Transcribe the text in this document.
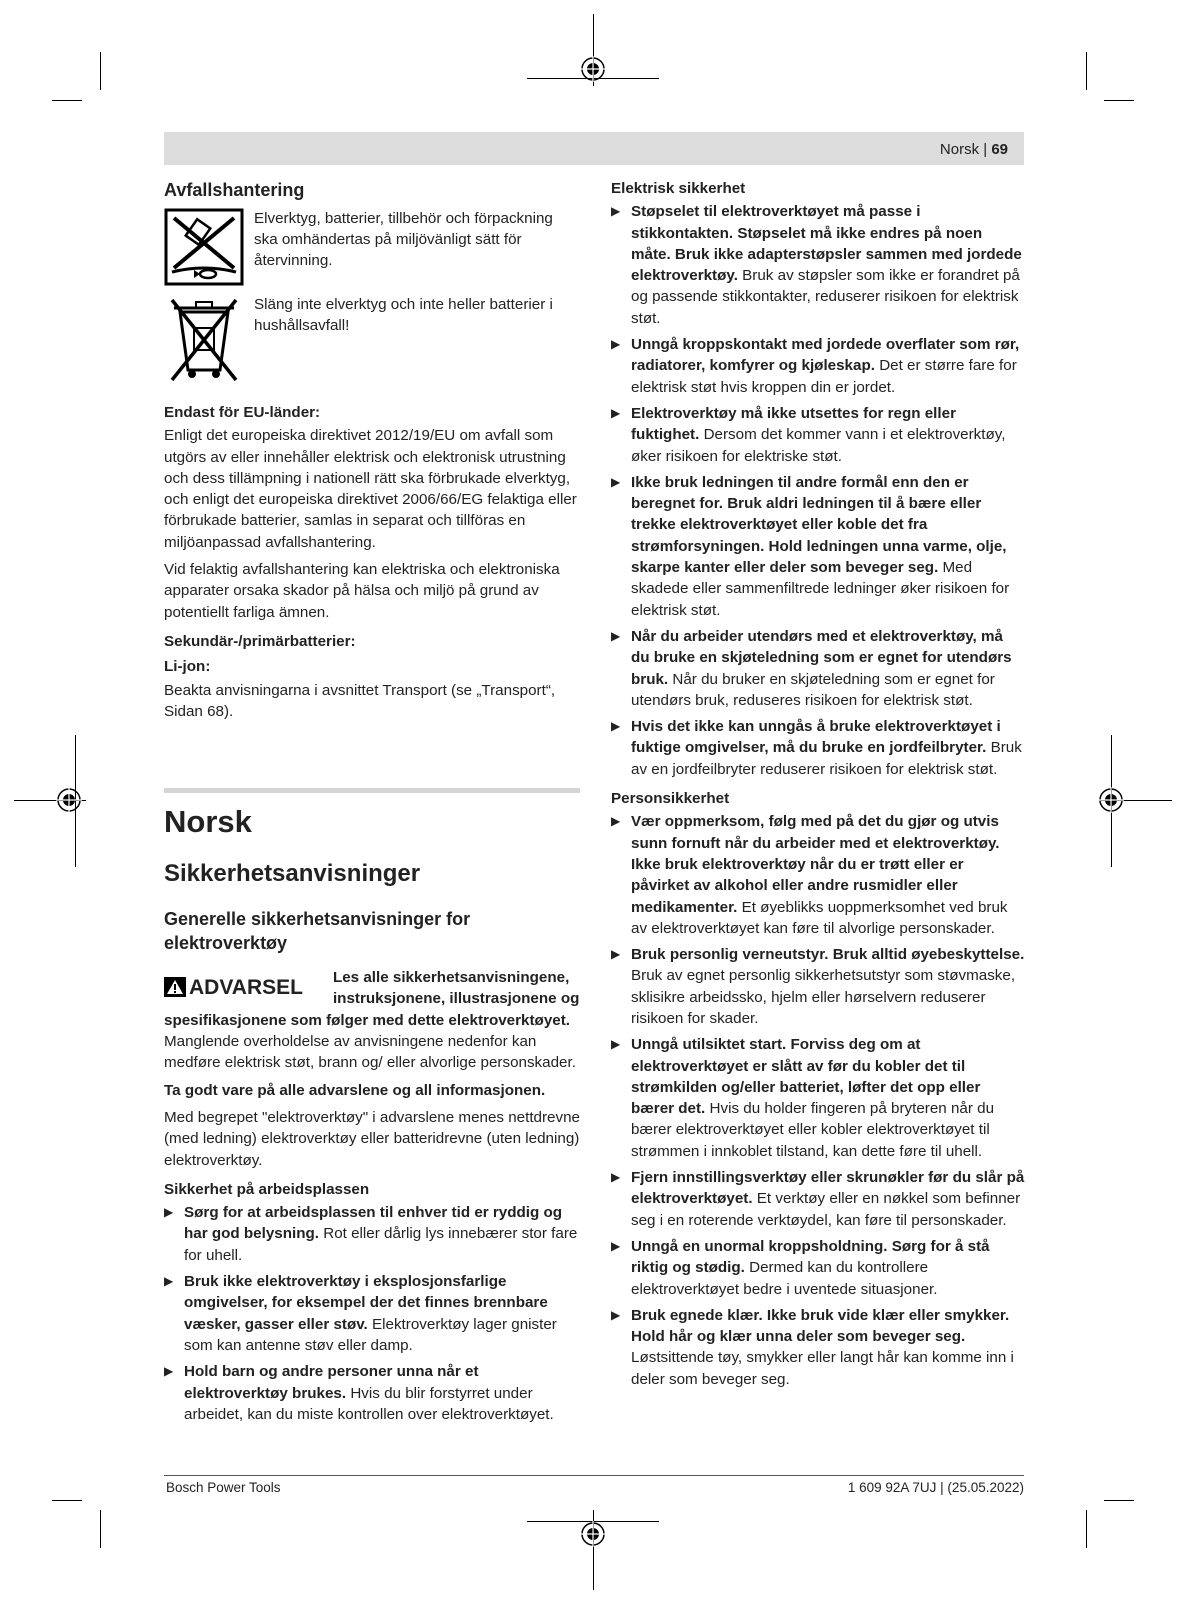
Norsk | 69
Avfallshantering
Elverktyg, batterier, tillbehör och förpackning ska omhändertas på miljövänligt sätt för återvinning.
Släng inte elverktyg och inte heller batterier i hushållsavfall!
Endast för EU-länder:

Enligt det europeiska direktivet 2012/19/EU om avfall som utgörs av eller innehåller elektrisk och elektronisk utrustning och dess tillämpning i nationell rätt ska förbrukade elverktyg, och enligt det europeiska direktivet 2006/66/EG felaktiga eller förbrukade batterier, samlas in separat och tillföras en miljöanpassad avfallshantering.

Vid felaktig avfallshantering kan elektriska och elektroniska apparater orsaka skador på hälsa och miljö på grund av potentiellt farliga ämnen.

Sekundär-/primärbatterier:
Li-jon:

Beakta anvisningarna i avsnittet Transport (se „Transport“, Sidan 68).

Norsk
Sikkerhetsanvisninger
Generelle sikkerhetsanvisninger for elektroverktøy
ADVARSEL Les alle sikkerhetsanvisningene, instruksjonene, illustrasjonene og

spesifikasjonene som følger med dette elektroverktøyet. Manglende overholdelse av anvisningene nedenfor kan medføre elektrisk støt, brann og/ eller alvorlige personskader.

Ta godt vare på alle advarslene og all informasjonen.

Med begrepet "elektroverktøy" i advarslene menes nettdrevne (med ledning) elektroverktøy eller batteridrevne (uten ledning) elektroverktøy.

Sikkerhet på arbeidsplassen
▶ Sørg for at arbeidsplassen til enhver tid er ryddig og har god belysning. Rot eller dårlig lys innebærer stor fare for uhell.
▶ Bruk ikke elektroverktøy i eksplosjonsfarlige omgivelser, for eksempel der det finnes brennbare væsker, gasser eller støv. Elektroverktøy lager gnister som kan antenne støv eller damp.
▶ Hold barn og andre personer unna når et elektroverktøy brukes. Hvis du blir forstyrret under arbeidet, kan du miste kontrollen over elektroverktøyet.
Elektrisk sikkerhet
▶ Støpselet til elektroverktøyet må passe i stikkontakten. Støpselet må ikke endres på noen måte. Bruk ikke adapterstøpsler sammen med jordede elektroverktøy. Bruk av støpsler som ikke er forandret på og passende stikkontakter, reduserer risikoen for elektrisk støt.
▶ Unngå kroppskontakt med jordede overflater som rør, radiatorer, komfyrer og kjøleskap. Det er større fare for elektrisk støt hvis kroppen din er jordet.
▶ Elektroverktøy må ikke utsettes for regn eller fuktighet. Dersom det kommer vann i et elektroverktøy, øker risikoen for elektriske støt.
▶ Ikke bruk ledningen til andre formål enn den er beregnet for. Bruk aldri ledningen til å bære eller trekke elektroverktøyet eller koble det fra strømforsyningen. Hold ledningen unna varme, olje, skarpe kanter eller deler som beveger seg. Med skadede eller sammenfiltrede ledninger øker risikoen for elektrisk støt.
▶ Når du arbeider utendørs med et elektroverktøy, må du bruke en skjøteledning som er egnet for utendørs bruk. Når du bruker en skjøteledning som er egnet for utendørs bruk, reduseres risikoen for elektrisk støt.
▶ Hvis det ikke kan unngås å bruke elektroverktøyet i fuktige omgivelser, må du bruke en jordfeilbryter. Bruk av en jordfeilbryter reduserer risikoen for elektrisk støt.
Personsikkerhet
▶ Vær oppmerksom, følg med på det du gjør og utvis sunn fornuft når du arbeider med et elektroverktøy. Ikke bruk elektroverktøy når du er trøtt eller er påvirket av alkohol eller andre rusmidler eller medikamenter. Et øyeblikks uoppmerksomhet ved bruk av elektroverktøyet kan føre til alvorlige personskader.
▶ Bruk personlig verneutstyr. Bruk alltid øyebeskyttelse. Bruk av egnet personlig sikkerhetsutstyr som støvmaske, sklisikre arbeidssko, hjelm eller hørselvern reduserer risikoen for skader.
▶ Unngå utilsiktet start. Forviss deg om at elektroverktøyet er slått av før du kobler det til strømkilden og/eller batteriet, løfter det opp eller bærer det. Hvis du holder fingeren på bryteren når du bærer elektroverktøyet eller kobler elektroverktøyet til strømmen i innkoblet tilstand, kan dette føre til uhell.
▶ Fjern innstillingsverktøy eller skrunøkler før du slår på elektroverktøyet. Et verktøy eller en nøkkel som befinner seg i en roterende verktøydel, kan føre til personskader.
▶ Unngå en unormal kroppsholdning. Sørg for å stå riktig og stødig. Dermed kan du kontrollere elektroverktøyet bedre i uventede situasjoner.
▶ Bruk egnede klær. Ikke bruk vide klær eller smykker. Hold hår og klær unna deler som beveger seg. Løstsittende tøy, smykker eller langt hår kan komme inn i deler som beveger seg.
Bosch Power Tools	1 609 92A 7UJ | (25.05.2022)
